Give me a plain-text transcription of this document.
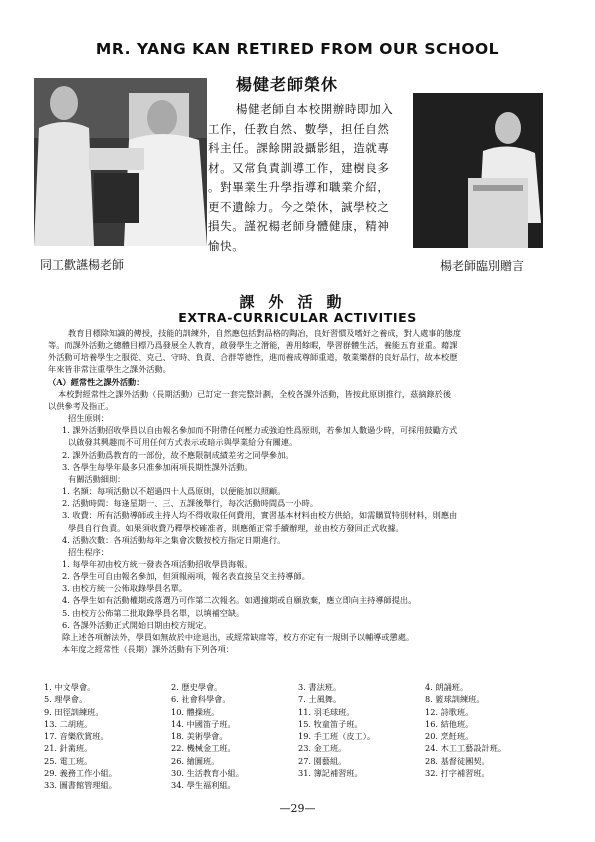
MR. YANG KAN RETIRED FROM OUR SCHOOL
楊健老師榮休
楊健老師自本校開辦時即加入
工作，任教自然、數學，担任自然
科主任。課餘開設攝影組，造就專
材。又常負責訓導工作，建樹良多
。對畢業生升學指導和職業介紹，
更不遺餘力。今之榮休，誠學校之
損失。謹祝楊老師身體健康，精神
愉快。
同工歡讌楊老師	楊老師臨別贈言
課外活動
EXTRA-CURRICULAR ACTIVITIES
教育目標除知識的傳授，技能的訓練外，自然應包括對品格的陶冶，良好習慣及嗜好之養成，對人處事的態度
等。而課外活動之總體目標乃爲發展全人教育，啟發學生之潛能，善用餘暇，學習群體生活，養能五育並重。藉課
外活動可培養學生之服從、克己、守時、負責、合群等德性，進而養成尊師重道，敬業樂群的良好品行，故本校歷
年來皆非常注重學生之課外活動。
（A）經常性之課外活動：
本校對經常性之課外活動（長期活動）已訂定一套完整計劃，全校各課外活動，皆按此原則推行，茲摘錄於後
以供參考及指正。
招生原則：
1. 課外活動招收學員以自由報名參加而不附帶任何壓力或強迫性爲原則，若參加人數過少時，可採用鼓勵方式
以啟發其興趣而不可用任何方式表示或暗示與學業給分有關連。
2. 課外活動爲教育的一部份，故不應限制成績差劣之同學參加。
3. 各學生每學年最多只准參加兩項長期性課外活動。
有關活動細則：
1. 名額：每項活動以不超過四十人爲原則，以便能加以照顧。
2. 活動時間：每逢星期一、三、五課後舉行，每次活動時間爲一小時。
3. 收費：所有活動導師或主持人均不得收取任何費用，實習基本材料由校方供給，如需購買特別材料，則應由
學員自行負責。如果須收費乃釋學校確准者，則應循正常手續辦理，並由校方發回正式收據。
4. 活動次數：各項活動每年之集會次數按校方指定日期進行。
招生程序：
1. 每學年初由校方統一發表各項活動招收學員海報。
2. 各學生可自由報名參加，但須報兩項，報名表直接呈交主持導師。
3. 由校方統一公佈取錄學員名單。
4. 各學生如有活動權期或落選乃可作第二次報名。如遇撞期或自願放棄，應立即向主持導師提出。
5. 由校方公佈第二批取錄學員名單，以填補空缺。
6. 各課外活動正式開始日期由校方規定。
除上述各項辦法外，學員如無故於中途退出，或經常缺席等，校方亦定有一規則予以輔導或懲處。
本年度之經常性（長期）課外活動有下列各項：
1. 中文學會。	2. 歷史學會。	3. 書法班。	4. 朗誦班。
5. 理學會。	6. 社會科學會。	7. 土風舞。	8. 籃球訓練班。
9. 田徑訓練班。	10. 體操班。	11. 羽毛球班。	12. 詩歌班。
13. 二胡班。	14. 中國笛子班。	15. 牧童笛子班。	16. 結他班。
17. 音樂欣賞班。	18. 美術學會。	19. 手工班（皮工）。	20. 烹飪班。
21. 針黹班。	22. 機械金工班。	23. 金工班。	24. 木工工藝設計班。
25. 電工班。	26. 繪圖班。	27. 園藝組。	28. 基督徒團契。
29. 義務工作小組。	30. 生活教育小組。	31. 簿記補習班。	32. 打字補習班。
33. 圖書館管理組。	34. 學生福利組。
—29—
